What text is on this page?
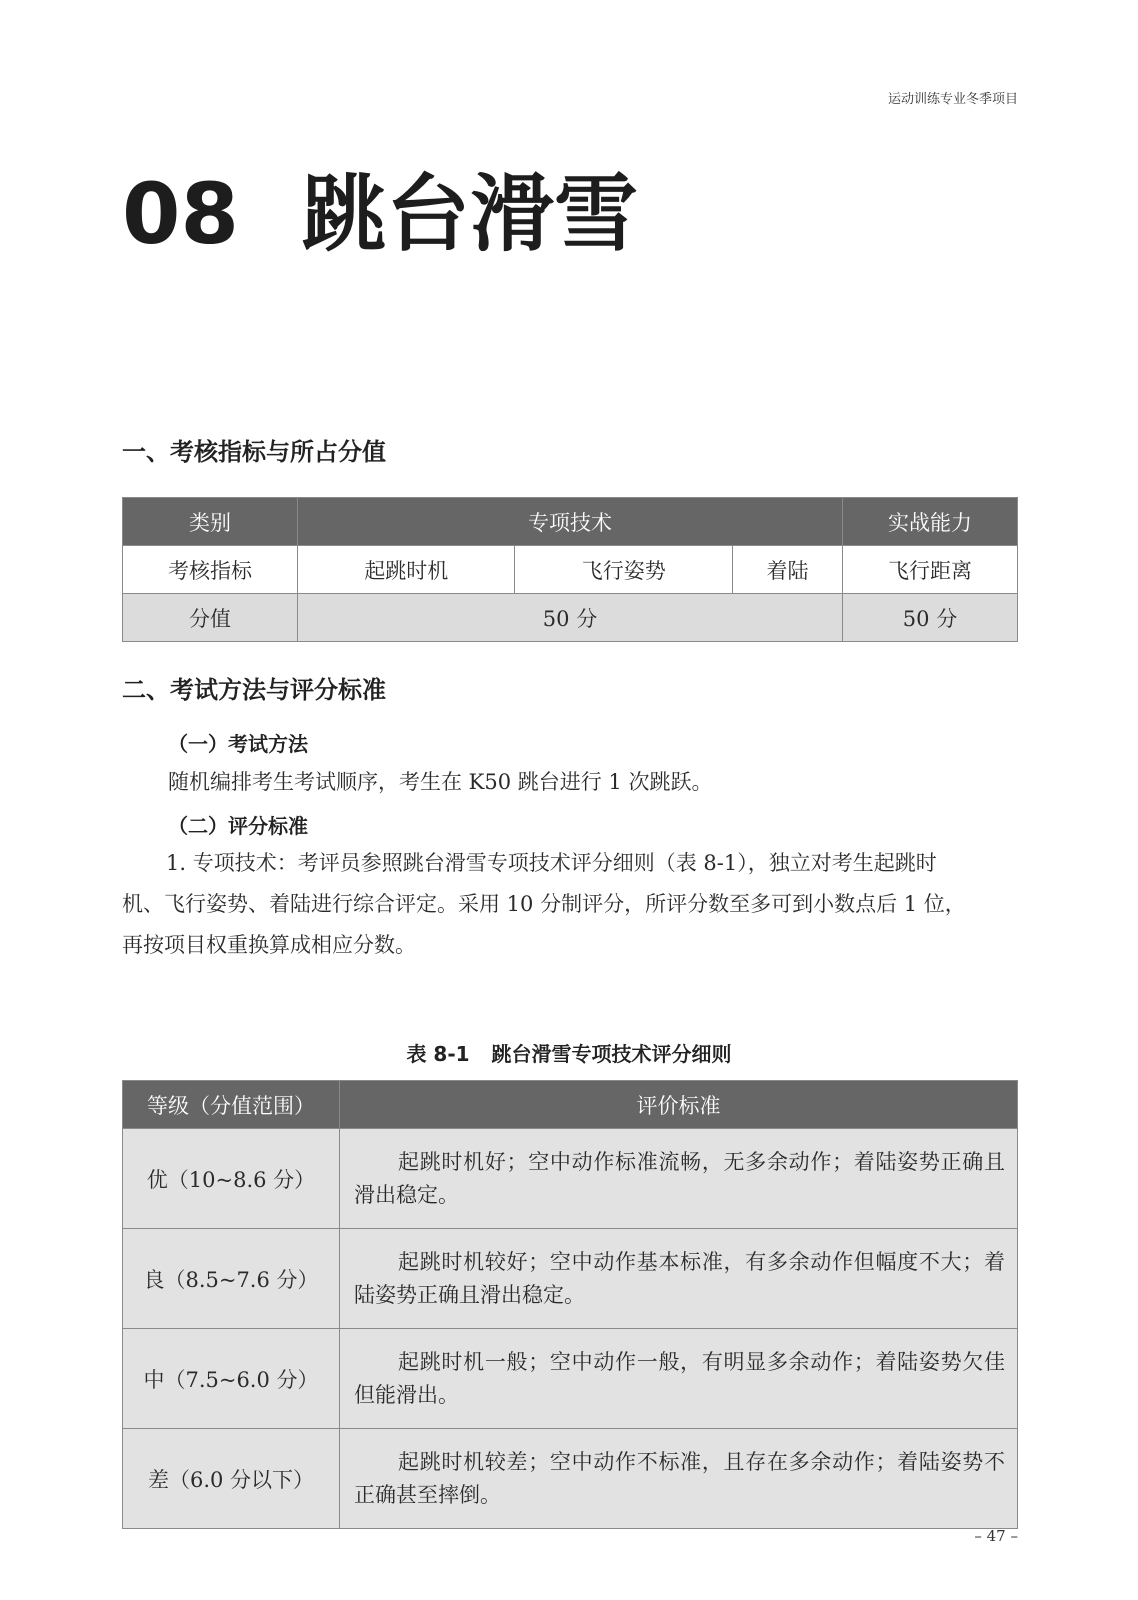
运动训练专业冬季项目
08 跳台滑雪
一、考核指标与所占分值
类别	专项技术			实战能力
考核指标	起跳时机	飞行姿势	着陆	飞行距离
分值	50 分			50 分
二、考试方法与评分标准
（一）考试方法
随机编排考生考试顺序，考生在 K50 跳台进行 1 次跳跃。
（二）评分标准
1. 专项技术：考评员参照跳台滑雪专项技术评分细则（表 8-1），独立对考生起跳时
机、飞行姿势、着陆进行综合评定。采用 10 分制评分，所评分数至多可到小数点后 1 位，
再按项目权重换算成相应分数。
表 8-1 跳台滑雪专项技术评分细则
等级（分值范围）	评价标准
优（10~8.6 分）	起跳时机好；空中动作标准流畅，无多余动作；着陆姿势正确且滑出稳定。
良（8.5~7.6 分）	起跳时机较好；空中动作基本标准，有多余动作但幅度不大；着陆姿势正确且滑出稳定。
中（7.5~6.0 分）	起跳时机一般；空中动作一般，有明显多余动作；着陆姿势欠佳但能滑出。
差（6.0 分以下）	起跳时机较差；空中动作不标准，且存在多余动作；着陆姿势不正确甚至摔倒。
– 47 –
